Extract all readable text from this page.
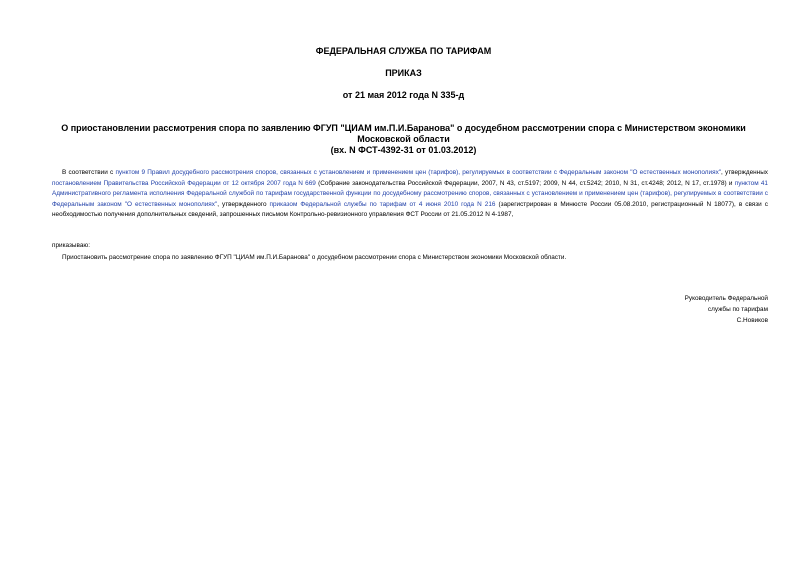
ФЕДЕРАЛЬНАЯ СЛУЖБА ПО ТАРИФАМ
ПРИКАЗ
от 21 мая 2012 года N 335-д
О приостановлении рассмотрения спора по заявлению ФГУП "ЦИАМ им.П.И.Баранова" о досудебном рассмотрении спора с Министерством экономики
Московской области
(вх. N ФСТ-4392-31 от 01.03.2012)
В соответствии с пунктом 9 Правил досудебного рассмотрения споров, связанных с установлением и применением цен (тарифов), регулируемых в соответствии с Федеральным законом "О естественных монополиях", утвержденных постановлением Правительства Российской Федерации от 12 октября 2007 года N 669 (Собрание законодательства Российской Федерации, 2007, N 43, ст.5197; 2009, N 44, ст.5242; 2010, N 31, ст.4248; 2012, N 17, ст.1978) и пунктом 41 Административного регламента исполнения Федеральной службой по тарифам государственной функции по досудебному рассмотрению споров, связанных с установлением и применением цен (тарифов), регулируемых в соответствии с Федеральным законом "О естественных монополиях", утвержденного приказом Федеральной службы по тарифам от 4 июня 2010 года N 216 (зарегистрирован в Минюсте России 05.08.2010, регистрационный N 18077), в связи с необходимостью получения дополнительных сведений, запрошенных письмом Контрольно-ревизионного управления ФСТ России от 21.05.2012 N 4-1987,
приказываю:
Приостановить рассмотрение спора по заявлению ФГУП "ЦИАМ им.П.И.Баранова" о досудебном рассмотрении спора с Министерством экономики Московской области.
Руководитель Федеральной
службы по тарифам
С.Новиков
